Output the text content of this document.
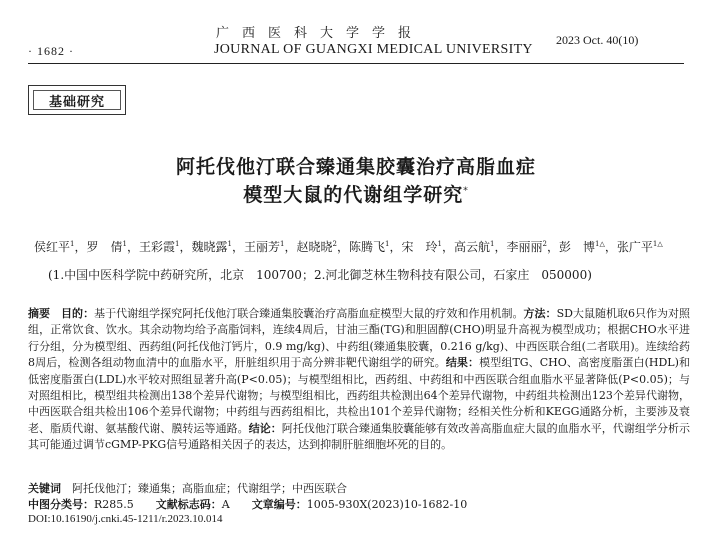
· 1682 ·
广西医科大学学报
JOURNAL OF GUANGXI MEDICAL UNIVERSITY
2023 Oct. 40(10)
基础研究
阿托伐他汀联合臻通集胶囊治疗高脂血症
模型大鼠的代谢组学研究*
侯红平$^1$，罗　倩$^1$，王彩霞$^1$，魏晓露$^1$，王丽芳$^1$，赵晓晓$^2$，陈腾飞$^1$，宋　玲$^1$，高云航$^1$，李丽丽$^2$，彭　博$^{1\triangle}$，张广平$^{1\triangle}$
(1.中国中医科学院中药研究所，北京　100700；2.河北御芝林生物科技有限公司，石家庄　050000)
摘要　 目的：基于代谢组学探究阿托伐他汀联合臻通集胶囊治疗高脂血症模型大鼠的疗效和作用机制。方法：SD大鼠随机取6只作为对照组，正常饮食、饮水。其余动物均给予高脂饲料，连续4周后，甘油三酯(TG)和胆固醇(CHO)明显升高视为模型成功；根据CHO水平进行分组，分为模型组、西药组(阿托伐他汀钙片，0.9 mg/kg)、中药组(臻通集胶囊，0.216 g/kg)、中西医联合组(二者联用)。连续给药8周后，检测各组动物血清中的血脂水平，肝脏组织用于高分辨非靶代谢组学的研究。结果：模型组TG、CHO、高密度脂蛋白(HDL)和低密度脂蛋白(LDL)水平较对照组显著升高(P<0.05)；与模型组相比，西药组、中药组和中西医联合组血脂水平显著降低(P<0.05)；与对照组相比，模型组共检测出138个差异代谢物；与模型组相比，西药组共检测出64个差异代谢物，中药组共检测出123个差异代谢物，中西医联合组共检出106个差异代谢物；中药组与西药组相比，共检出101个差异代谢物；经相关性分析和KEGG通路分析，主要涉及衰老、脂质代谢、氨基酸代谢、膜转运等通路。结论：阿托伐他汀联合臻通集胶囊能够有效改善高脂血症大鼠的血脂水平，代谢组学分析示其可能通过调节cGMP-PKG信号通路相关因子的表达，达到抑制肝脏细胞坏死的目的。
关键词　 阿托伐他汀；臻通集；高脂血症；代谢组学；中西医联合
中图分类号：R285.5 文献标志码：A 文章编号：1005-930X(2023)10-1682-10
DOI:10.16190/j.cnki.45-1211/r.2023.10.014
